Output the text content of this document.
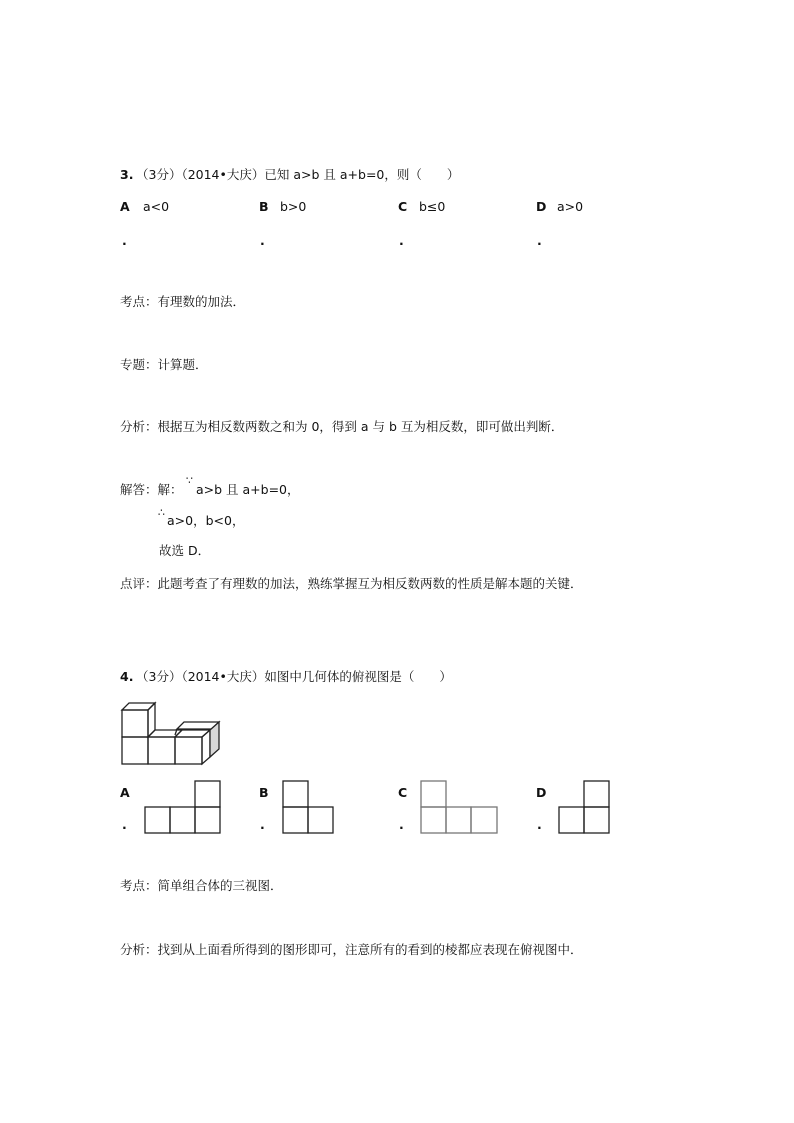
3. （3分）（2014•大庆）已知 a>b 且 a+b=0，则（　　）
A a<0
.
B b>0
.
C b≤0
.
D a>0
.
考点：有理数的加法．
专题：计算题．
分析：根据互为相反数两数之和为 0，得到 a 与 b 互为相反数，即可做出判断．
解答：解：
∵
a>b 且 a+b=0，
∴
a>0，b<0，
故选 D．
点评：此题考查了有理数的加法，熟练掌握互为相反数两数的性质是解本题的关键．
4. （3分）（2014•大庆）如图中几何体的俯视图是（　　）
A
.
B
.
C
.
D
.
考点：简单组合体的三视图．
分析：找到从上面看所得到的图形即可，注意所有的看到的棱都应表现在俯视图中．
